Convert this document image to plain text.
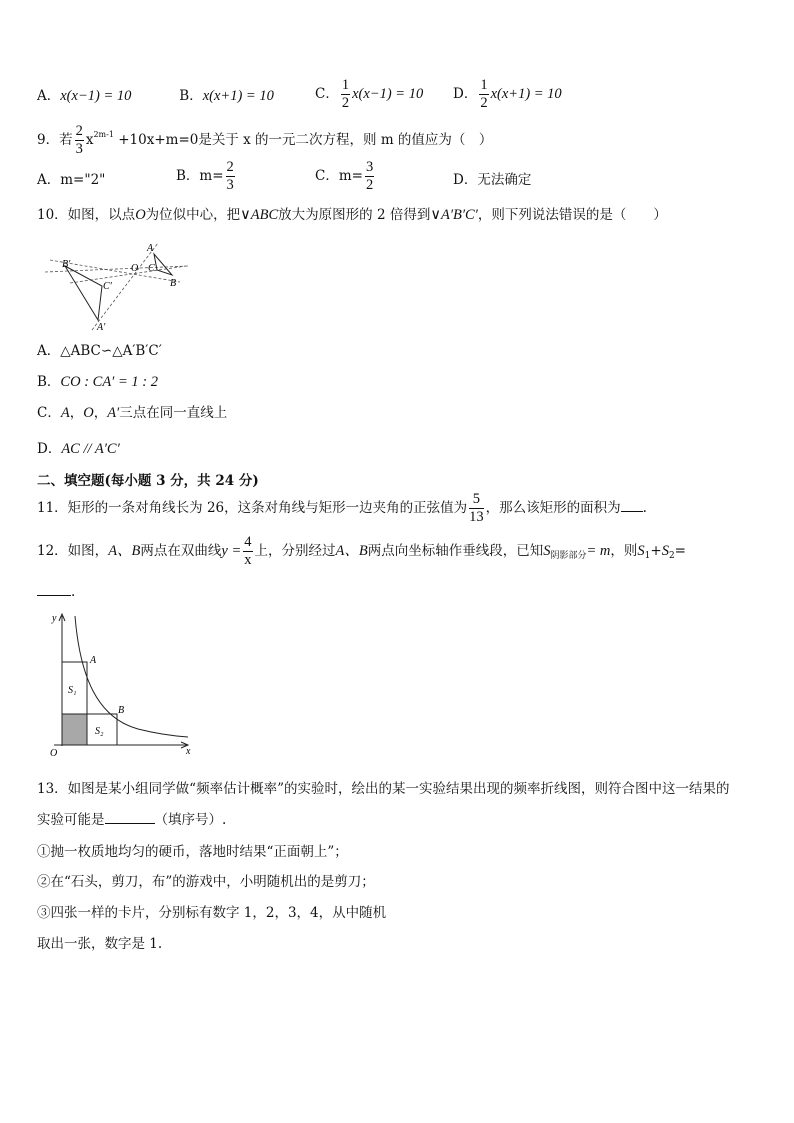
A．x(x−1) = 10	B．x(x+1) = 10	C． $\frac{1}{2} x(x-1) = 10$ D． $\frac{1}{2} x(x+1) = 10$
9．若 $\frac{2}{3} x^{2m-1} +10x+m=0$是关于 x 的一元二次方程，则 m 的值应为（　）
A．m="2"	B．$m= \frac{2}{3}$	C．$m= \frac{3}{2}$	D．无法确定
10．如图，以点O为位似中心，把∨ABC放大为原图形的 2 倍得到∨A′B′C′，则下列说法错误的是（　　）
B′
C′
A′
O
A
C
B
A．△ABC∽△A′B′C′
B．CO : CA′ = 1 : 2
C．A，O，A′三点在同一直线上
D．AC // A′C′
二、填空题(每小题 3 分，共 24 分)
11．矩形的一条对角线长为 26，这条对角线与矩形一边夹角的正弦值为 $\frac{5}{13}$ ，那么该矩形的面积为 .
12．如图，A、B两点在双曲线$y = \frac{4}{x}$ 上，分别经过A、B两点向坐标轴作垂线段，已知$S_{阴影部分}= m$，则$S_1+S_2=$
.
y
x
O
A
B
S₁
S₂
13．如图是某小组同学做“频率估计概率”的实验时，绘出的某一实验结果出现的频率折线图，则符合图中这一结果的
实验可能是	（填序号）.
①抛一枚质地均匀的硬币，落地时结果“正面朝上”；
②在“石头，剪刀，布”的游戏中，小明随机出的是剪刀；
③四张一样的卡片，分别标有数字 1，2，3，4，从中随机
取出一张，数字是 1.
